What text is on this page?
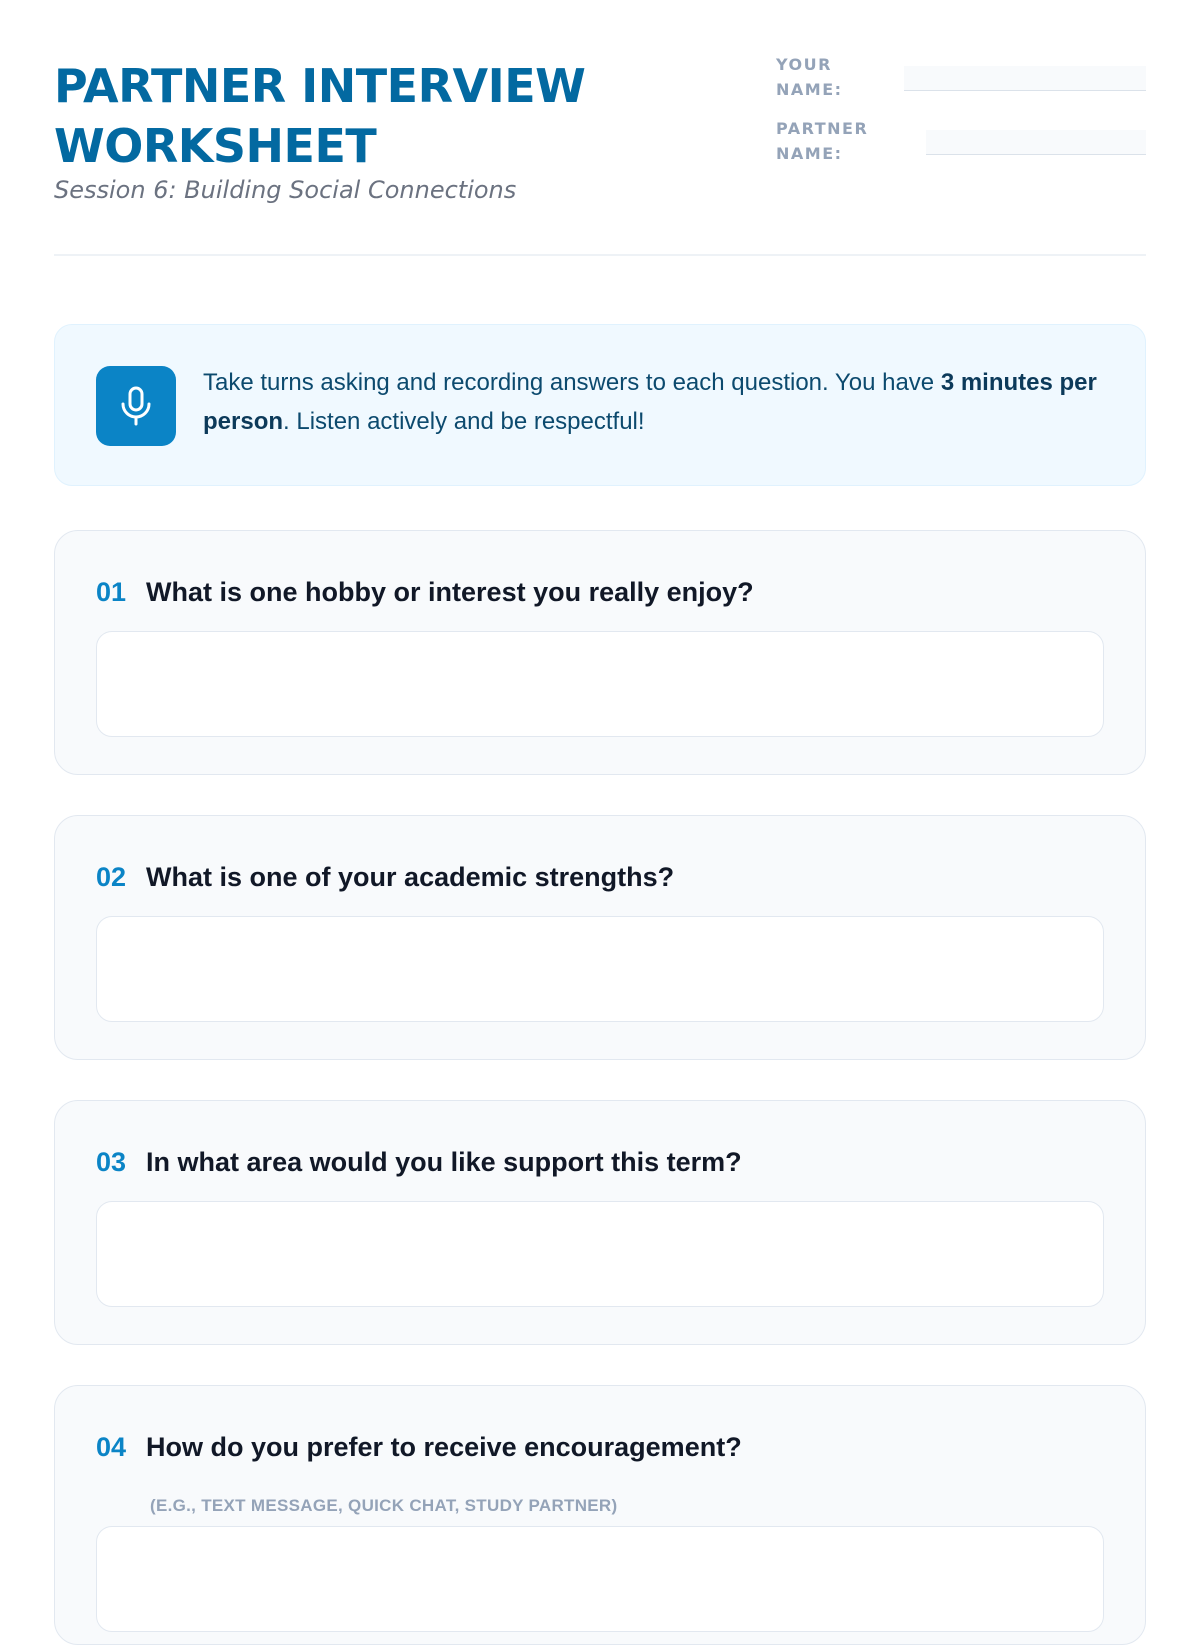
PARTNER INTERVIEW WORKSHEET
Session 6: Building Social Connections
YOUR NAME:
PARTNER NAME:
Take turns asking and recording answers to each question. You have 3 minutes per person. Listen actively and be respectful!
01 What is one hobby or interest you really enjoy?
02 What is one of your academic strengths?
03 In what area would you like support this term?
04 How do you prefer to receive encouragement?
(E.G., TEXT MESSAGE, QUICK CHAT, STUDY PARTNER)
